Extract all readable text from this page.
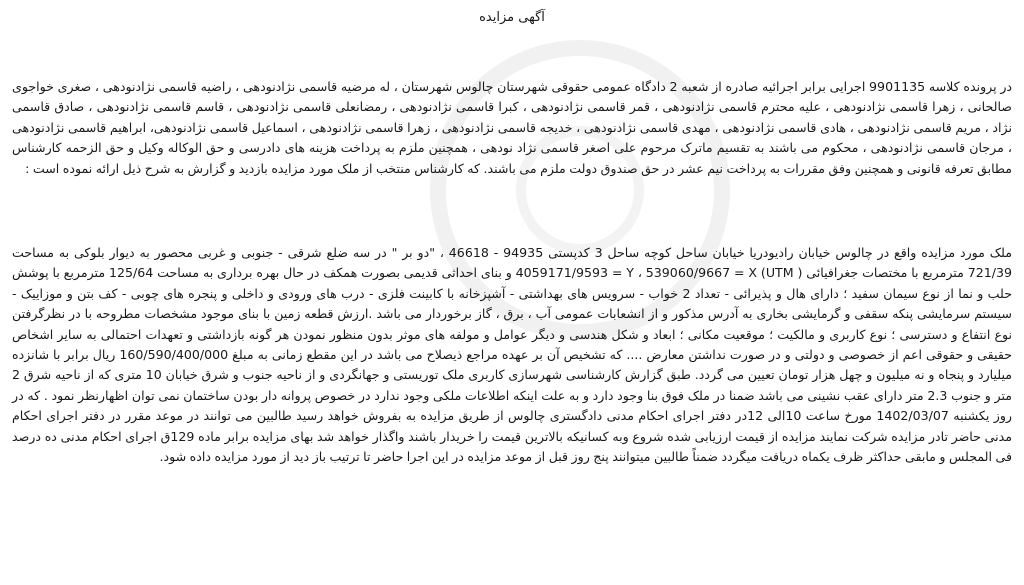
آگهی مزایده

در پرونده کلاسه 9901135 اجرایی برابر اجرائیه صادره از شعبه 2 دادگاه عمومی حقوقی شهرستان چالوس شهرستان ، له مرضیه قاسمی نژادنودهی ، راضیه قاسمی نژادنودهی ، صغری خواجوی صالحانی ، زهرا قاسمی نژادنودهی ، علیه محترم قاسمی نژادنودهی ، قمر قاسمی نژادنودهی ، کبرا قاسمی نژادنودهی ، رمضانعلی قاسمی نژادنودهی ، قاسم قاسمی نژادنودهی ، صادق قاسمی نژاد ، مریم قاسمی نژادنودهی ، هادی قاسمی نژادنودهی ، مهدی قاسمی نژادنودهی ، خدیجه قاسمی نژادنودهی ، زهرا قاسمی نژادنودهی ، اسماعیل قاسمی نژادنودهی، ابراهیم قاسمی نژادنودهی ، مرجان قاسمی نژادنودهی ، محکوم می باشند به تقسیم ماترک مرحوم علی اصغر قاسمی نژاد نودهی ، همچنین ملزم به پرداخت هزینه های دادرسی و حق الوکاله وکیل و حق الزحمه کارشناس مطابق تعرفه قانونی و همچنین وفق مقررات به پرداخت نیم عشر در حق صندوق دولت ملزم می باشند. که کارشناس منتخب از ملک مورد مزایده بازدید و گزارش به شرح ذیل ارائه نموده است :

ملک مورد مزایده واقع در چالوس خیابان رادیودریا خیابان ساحل کوچه ساحل 3 کدپستی 94935 - 46618 ، "دو بر " در سه ضلع شرقی - جنوبی و غربی محصور به دیوار بلوکی به مساحت 721/39 مترمربع با مختصات جغرافیائی ( UTM) 4059171/9593 = Y ، 539060/9667 = X و بنای احداثی قدیمی بصورت همکف در حال بهره برداری به مساحت 125/64 مترمربع با پوشش حلب و نما از نوع سیمان سفید ؛ دارای هال و پذیرائی - تعداد 2 خواب - سرویس های بهداشتی - آشپزخانه با کابینت فلزی - درب های ورودی و داخلی و پنجره های چوبی - کف بتن و موزاییک - سیستم سرمایشی پنکه سقفی و گرمایشی بخاری به آدرس مذکور و از انشعابات عمومی آب ، برق ، گاز برخوردار می باشد .ارزش قطعه زمین با بنای موجود مشخصات مطروحه با در نظرگرفتن نوع انتفاع و دسترسی ؛ نوع کاربری و مالکیت ؛ موقعیت مکانی ؛ ابعاد و شکل هندسی و دیگر عوامل و مولفه های موثر بدون منظور نمودن هر گونه بازداشتی و تعهدات احتمالی به سایر اشخاص حقیقی و حقوقی اعم از خصوصی و دولتی و در صورت نداشتن معارض .... که تشخیص آن بر عهده مراجع ذیصلاح می باشد در این مقطع زمانی به مبلغ 160/590/400/000 ریال برابر با شانزده میلیارد و پنجاه و نه میلیون و چهل هزار تومان تعیین می گردد. طبق گزارش کارشناسی شهرسازی کاربری ملک توریستی و جهانگردی و از ناحیه جنوب و شرق خیابان 10 متری که از ناحیه شرق 2 متر و جنوب 2.3 متر دارای عقب نشینی می باشد ضمنا در ملک فوق بنا وجود دارد و به علت اینکه اطلاعات ملکی وجود ندارد در خصوص پروانه دار بودن ساختمان نمی توان اظهارنظر نمود . که در روز یکشنبه 1402/03/07 مورخ ساعت 10الی 12در دفتر اجرای احکام مدنی دادگستری چالوس از طریق مزایده به بفروش خواهد رسید طالبین می توانند در موعد مقرر در دفتر اجرای احکام مدنی حاضر تادر مزایده شرکت نمایند مزایده از قیمت ارزیابی شده شروع وبه کسانیکه بالاترین قیمت را خریدار باشند واگذار خواهد شد بهای مزایده برابر ماده 129ق اجرای احکام مدنی ده درصد فی المجلس و مابقی حداکثر ظرف یکماه دریافت میگردد ضمناً طالبین میتوانند پنج روز قبل از موعد مزایده در این اجرا حاضر تا ترتیب باز دید از مورد مزایده داده شود.
